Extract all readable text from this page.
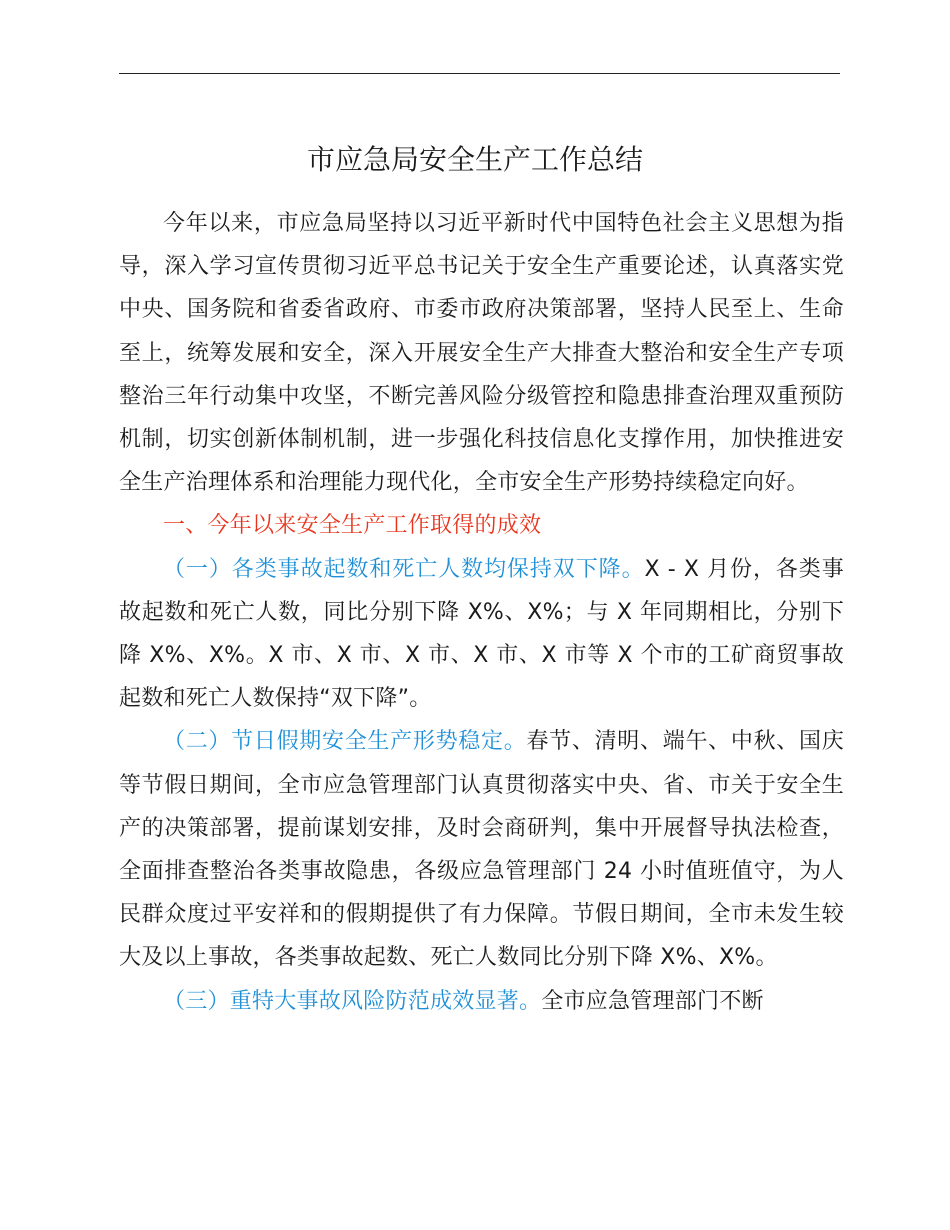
市应急局安全生产工作总结

今年以来，市应急局坚持以习近平新时代中国特色社会主义思想为指导，深入学习宣传贯彻习近平总书记关于安全生产重要论述，认真落实党中央、国务院和省委省政府、市委市政府决策部署，坚持人民至上、生命至上，统筹发展和安全，深入开展安全生产大排查大整治和安全生产专项整治三年行动集中攻坚，不断完善风险分级管控和隐患排查治理双重预防机制，切实创新体制机制，进一步强化科技信息化支撑作用，加快推进安全生产治理体系和治理能力现代化，全市安全生产形势持续稳定向好。

一、今年以来安全生产工作取得的成效

（一）各类事故起数和死亡人数均保持双下降。X - X 月份，各类事故起数和死亡人数，同比分别下降 X%、X%；与 X 年同期相比，分别下降 X%、X%。X 市、X 市、X 市、X 市、X 市等 X 个市的工矿商贸事故起数和死亡人数保持“双下降”。

（二）节日假期安全生产形势稳定。春节、清明、端午、中秋、国庆等节假日期间，全市应急管理部门认真贯彻落实中央、省、市关于安全生产的决策部署，提前谋划安排，及时会商研判，集中开展督导执法检查，全面排查整治各类事故隐患，各级应急管理部门 24 小时值班值守，为人民群众度过平安祥和的假期提供了有力保障。节假日期间，全市未发生较大及以上事故，各类事故起数、死亡人数同比分别下降 X%、X%。

（三）重特大事故风险防范成效显著。全市应急管理部门不断
